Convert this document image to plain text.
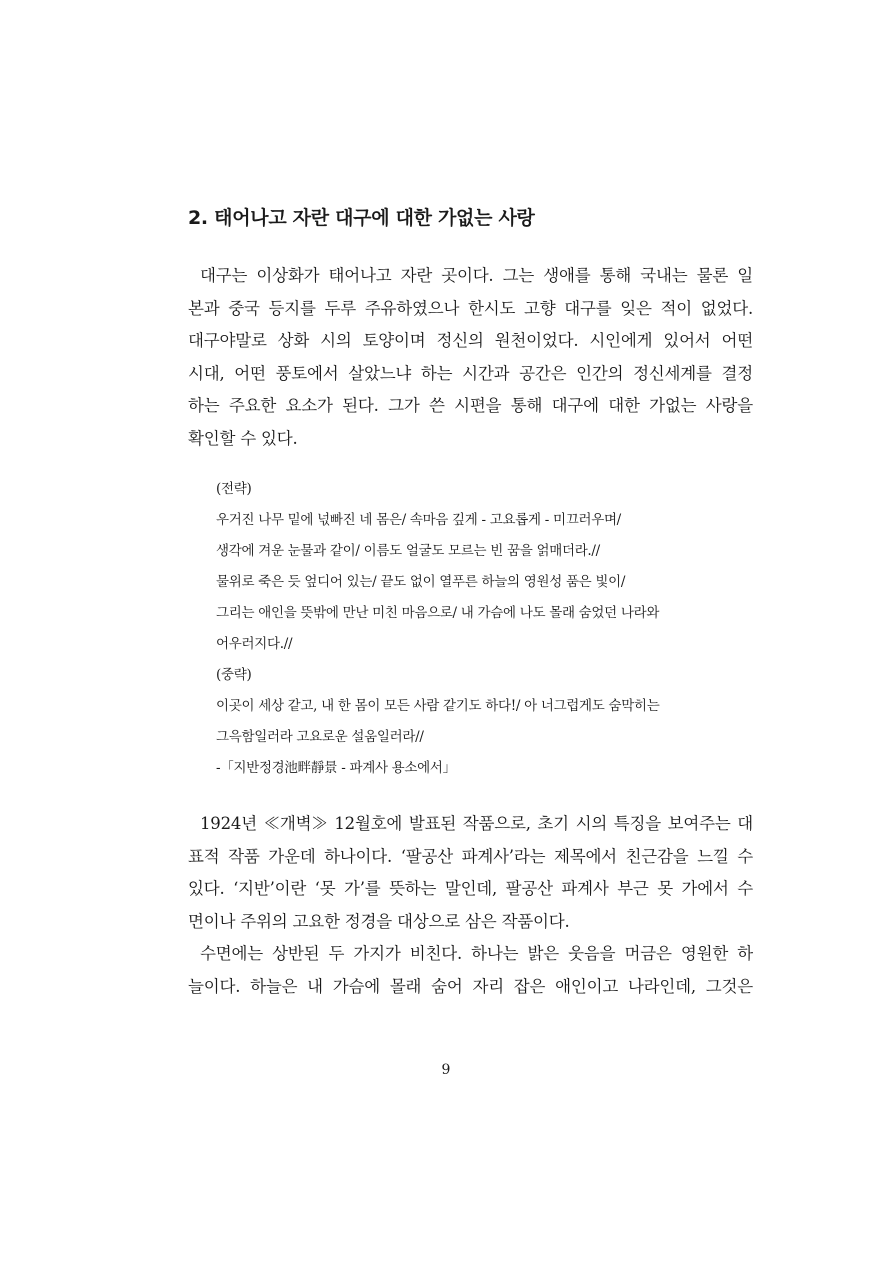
2. 태어나고 자란 대구에 대한 가없는 사랑
대구는 이상화가 태어나고 자란 곳이다. 그는 생애를 통해 국내는 물론 일
본과 중국 등지를 두루 주유하였으나 한시도 고향 대구를 잊은 적이 없었다.
대구야말로 상화 시의 토양이며 정신의 원천이었다. 시인에게 있어서 어떤
시대, 어떤 풍토에서 살았느냐 하는 시간과 공간은 인간의 정신세계를 결정
하는 주요한 요소가 된다. 그가 쓴 시편을 통해 대구에 대한 가없는 사랑을
확인할 수 있다.
(전략)
우거진 나무 밑에 넋빠진 네 몸은/ 속마음 깊게 - 고요롭게 - 미끄러우며/
생각에 겨운 눈물과 같이/ 이름도 얼굴도 모르는 빈 꿈을 얽매더라.//
물위로 죽은 듯 엎디어 있는/ 끝도 없이 열푸른 하늘의 영원성 품은 빛이/
그리는 애인을 뜻밖에 만난 미친 마음으로/ 내 가슴에 나도 몰래 숨었던 나라와
어우러지다.//
(중략)
이곳이 세상 같고, 내 한 몸이 모든 사람 같기도 하다!/ 아 너그럽게도 숨막히는
그윽함일러라 고요로운 설움일러라//
-「지반정경池畔靜景 - 파계사 용소에서」
1924년 ≪개벽≫ 12월호에 발표된 작품으로, 초기 시의 특징을 보여주는 대
표적 작품 가운데 하나이다. ‘팔공산 파계사’라는 제목에서 친근감을 느낄 수
있다. ‘지반’이란 ‘못 가’를 뜻하는 말인데, 팔공산 파계사 부근 못 가에서 수
면이나 주위의 고요한 정경을 대상으로 삼은 작품이다.
수면에는 상반된 두 가지가 비친다. 하나는 밝은 웃음을 머금은 영원한 하
늘이다. 하늘은 내 가슴에 몰래 숨어 자리 잡은 애인이고 나라인데, 그것은
9
